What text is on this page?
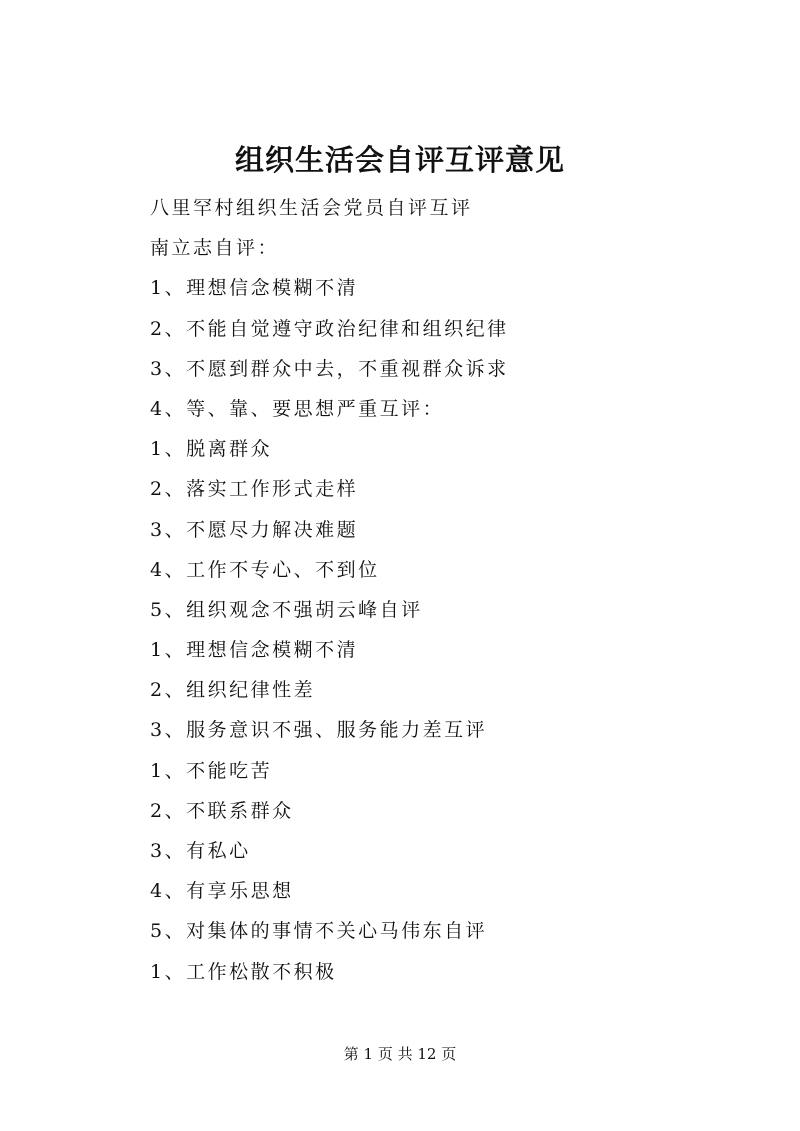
组织生活会自评互评意见
八里罕村组织生活会党员自评互评
南立志自评：
1、理想信念模糊不清
2、不能自觉遵守政治纪律和组织纪律
3、不愿到群众中去，不重视群众诉求
4、等、靠、要思想严重互评：
1、脱离群众
2、落实工作形式走样
3、不愿尽力解决难题
4、工作不专心、不到位
5、组织观念不强胡云峰自评
1、理想信念模糊不清
2、组织纪律性差
3、服务意识不强、服务能力差互评
1、不能吃苦
2、不联系群众
3、有私心
4、有享乐思想
5、对集体的事情不关心马伟东自评
1、工作松散不积极
第 1 页 共 12 页
